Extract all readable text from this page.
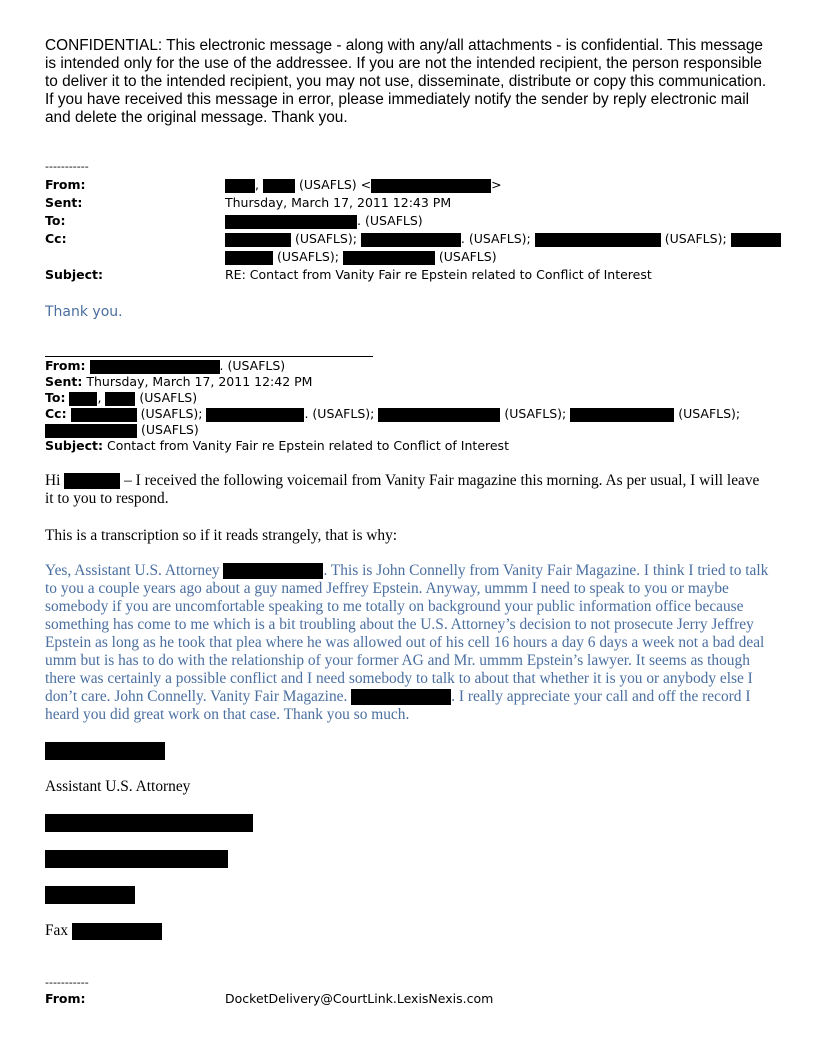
CONFIDENTIAL: This electronic message - along with any/all attachments - is confidential. This message is intended only for the use of the addressee. If you are not the intended recipient, the person responsible to deliver it to the intended recipient, you may not use, disseminate, distribute or copy this communication. If you have received this message in error, please immediately notify the sender by reply electronic mail and delete the original message. Thank you.
-----------
From:	,	(USAFLS) <	>
Sent:	Thursday, March 17, 2011 12:43 PM
To:	. (USAFLS)
Cc:	(USAFLS);	. (USAFLS);	(USAFLS);
(USAFLS);	(USAFLS)
Subject:	RE: Contact from Vanity Fair re Epstein related to Conflict of Interest
Thank you.
From:	. (USAFLS)
Sent: Thursday, March 17, 2011 12:42 PM
To:	,	(USAFLS)
Cc:	(USAFLS);	. (USAFLS);	(USAFLS);	(USAFLS);
(USAFLS)
Subject: Contact from Vanity Fair re Epstein related to Conflict of Interest
Hi	– I received the following voicemail from Vanity Fair magazine this morning. As per usual, I will leave it to you to respond.
This is a transcription so if it reads strangely, that is why:
Yes, Assistant U.S. Attorney	. This is John Connelly from Vanity Fair Magazine. I think I tried to talk to you a couple years ago about a guy named Jeffrey Epstein. Anyway, ummm I need to speak to you or maybe somebody if you are uncomfortable speaking to me totally on background your public information office because something has come to me which is a bit troubling about the U.S. Attorney’s decision to not prosecute Jerry Jeffrey Epstein as long as he took that plea where he was allowed out of his cell 16 hours a day 6 days a week not a bad deal umm but is has to do with the relationship of your former AG and Mr. ummm Epstein’s lawyer. It seems as though there was certainly a possible conflict and I need somebody to talk to about that whether it is you or anybody else I don’t care. John Connelly. Vanity Fair Magazine.	. I really appreciate your call and off the record I heard you did great work on that case. Thank you so much.
Assistant U.S. Attorney
Fax
-----------
From:	DocketDelivery@CourtLink.LexisNexis.com
